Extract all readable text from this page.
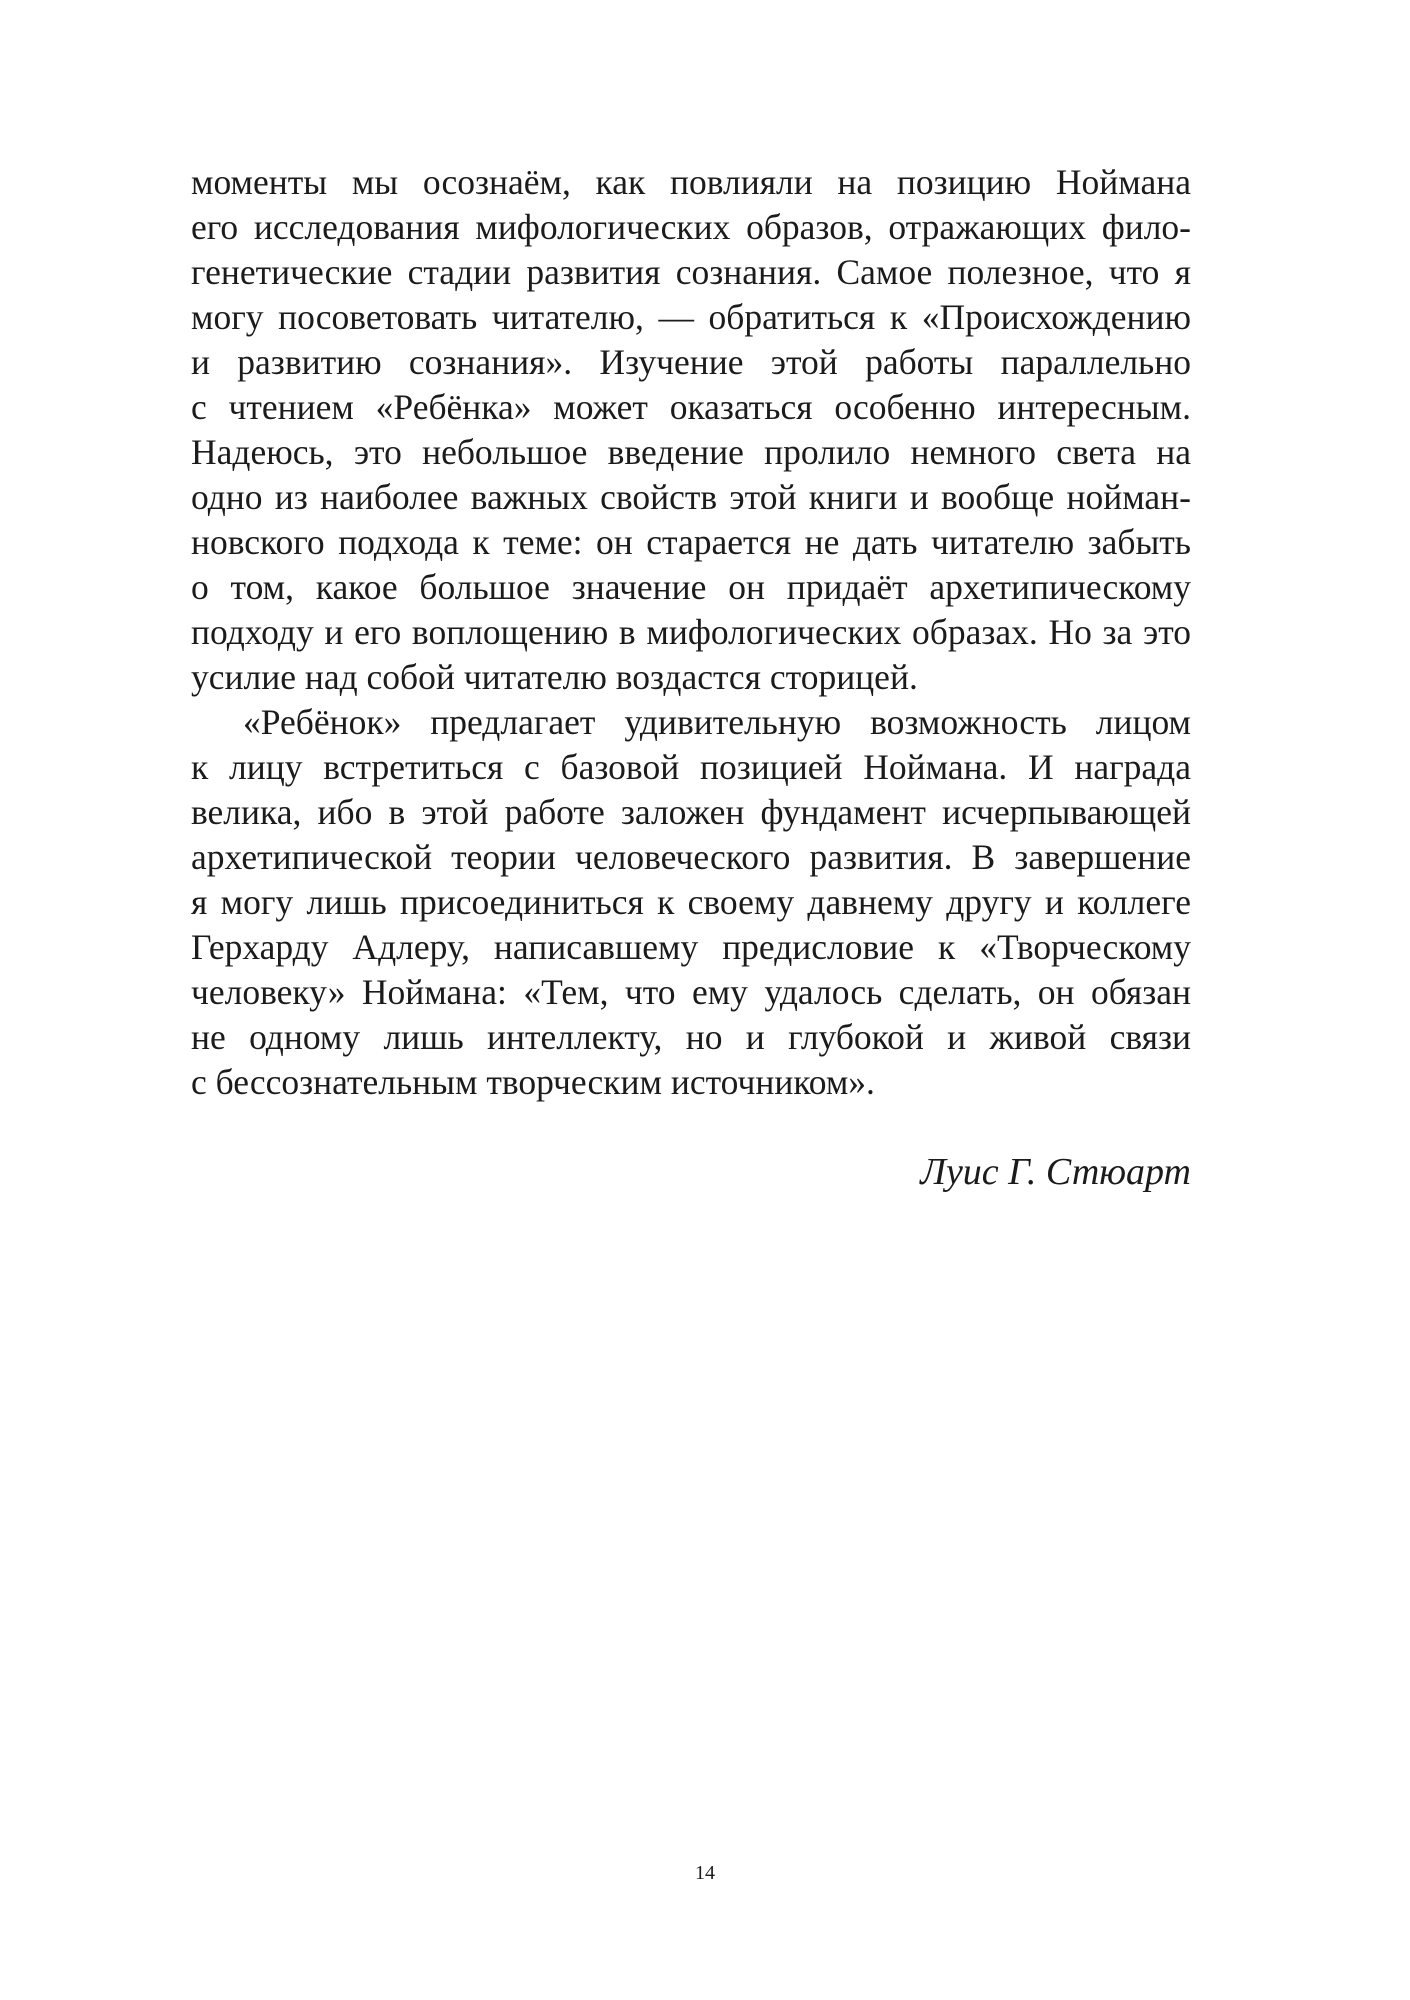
моменты мы осознаём, как повлияли на позицию Ноймана
его исследования мифологических образов, отражающих фило-
генетические стадии развития сознания. Самое полезное, что я
могу посоветовать читателю, — обратиться к «Происхождению
и развитию сознания». Изучение этой работы параллельно
с чтением «Ребёнка» может оказаться особенно интересным.
Надеюсь, это небольшое введение пролило немного света на
одно из наиболее важных свойств этой книги и вообще нойман-
новского подхода к теме: он старается не дать читателю забыть
о том, какое большое значение он придаёт архетипическому
подходу и его воплощению в мифологических образах. Но за это
усилие над собой читателю воздастся сторицей.
«Ребёнок» предлагает удивительную возможность лицом
к лицу встретиться с базовой позицией Ноймана. И награда
велика, ибо в этой работе заложен фундамент исчерпывающей
архетипической теории человеческого развития. В завершение
я могу лишь присоединиться к своему давнему другу и коллеге
Герхарду Адлеру, написавшему предисловие к «Творческому
человеку» Ноймана: «Тем, что ему удалось сделать, он обязан
не одному лишь интеллекту, но и глубокой и живой связи
с бессознательным творческим источником».
Луис Г. Стюарт
14
